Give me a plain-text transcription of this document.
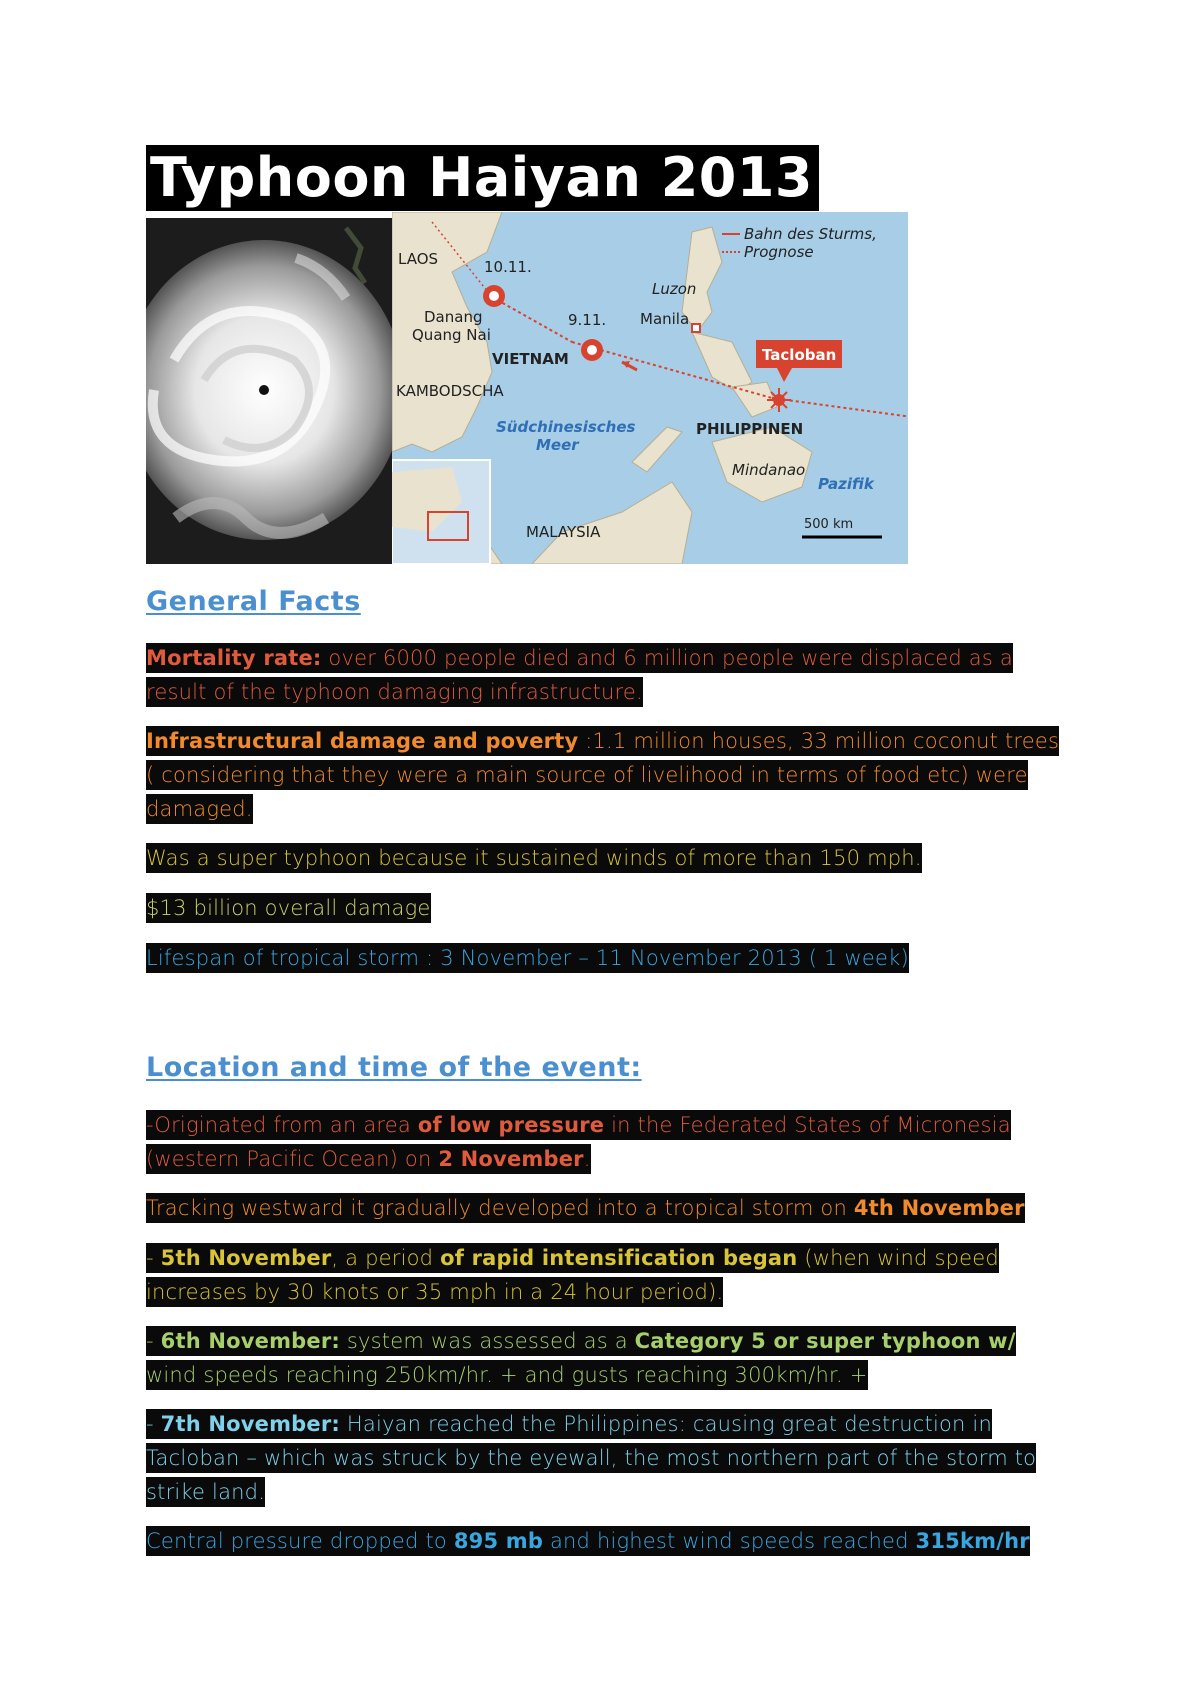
Typhoon Haiyan 2013
Bahn des Sturms,
Prognose
LAOS	10.11.
Danang
Quang Nai
9.11.
VIETNAM
KAMBODSCHA
Luzon
Manila
Tacloban
Südchinesisches
Meer
PHILIPPINEN
Mindanao
Pazifik
MALAYSIA	500 km
General Facts
Mortality rate: over 6000 people died and 6 million people were displaced as a result of the typhoon damaging infrastructure.
Infrastructural damage and poverty :1.1 million houses, 33 million coconut trees ( considering that they were a main source of livelihood in terms of food etc) were damaged.
Was a super typhoon because it sustained winds of more than 150 mph.
$13 billion overall damage
Lifespan of tropical storm : 3 November – 11 November 2013 ( 1 week)
Location and time of the event:
-Originated from an area of low pressure in the Federated States of Micronesia (western Pacific Ocean) on 2 November.
Tracking westward it gradually developed into a tropical storm on 4th November
- 5th November, a period of rapid intensification began (when wind speed increases by 30 knots or 35 mph in a 24 hour period).
- 6th November: system was assessed as a Category 5 or super typhoon w/ wind speeds reaching 250km/hr. + and gusts reaching 300km/hr. +
- 7th November: Haiyan reached the Philippines: causing great destruction in Tacloban – which was struck by the eyewall, the most northern part of the storm to strike land.
Central pressure dropped to 895 mb and highest wind speeds reached 315km/hr
